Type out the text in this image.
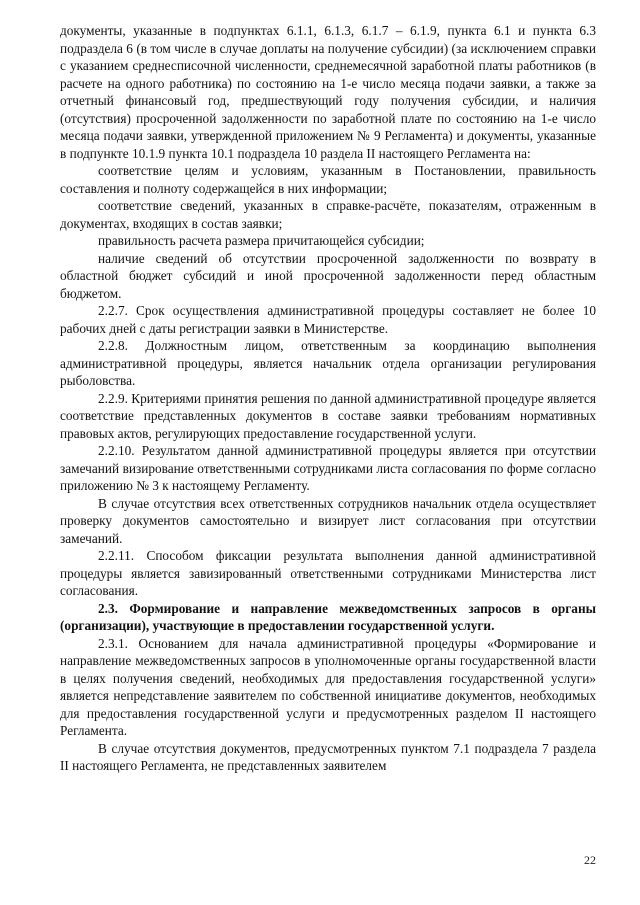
документы, указанные в подпунктах 6.1.1, 6.1.3, 6.1.7 – 6.1.9, пункта 6.1 и пункта 6.3 подраздела 6 (в том числе в случае доплаты на получение субсидии) (за исключением справки с указанием среднесписочной численности, среднемесячной заработной платы работников (в расчете на одного работника) по состоянию на 1-е число месяца подачи заявки, а также за отчетный финансовый год, предшествующий году получения субсидии, и наличия (отсутствия) просроченной задолженности по заработной плате по состоянию на 1-е число месяца подачи заявки, утвержденной приложением № 9 Регламента) и документы, указанные в подпункте 10.1.9 пункта 10.1 подраздела 10 раздела II настоящего Регламента на:

соответствие целям и условиям, указанным в Постановлении, правильность составления и полноту содержащейся в них информации;

соответствие сведений, указанных в справке-расчёте, показателям, отраженным в документах, входящих в состав заявки;

правильность расчета размера причитающейся субсидии;

наличие сведений об отсутствии просроченной задолженности по возврату в областной бюджет субсидий и иной просроченной задолженности перед областным бюджетом.

2.2.7. Срок осуществления административной процедуры составляет не более 10 рабочих дней с даты регистрации заявки в Министерстве.

2.2.8. Должностным лицом, ответственным за координацию выполнения административной процедуры, является начальник отдела организации регулирования рыболовства.

2.2.9. Критериями принятия решения по данной административной процедуре является соответствие представленных документов в составе заявки требованиям нормативных правовых актов, регулирующих предоставление государственной услуги.

2.2.10. Результатом данной административной процедуры является при отсутствии замечаний визирование ответственными сотрудниками листа согласования по форме согласно приложению № 3 к настоящему Регламенту.

В случае отсутствия всех ответственных сотрудников начальник отдела осуществляет проверку документов самостоятельно и визирует лист согласования при отсутствии замечаний.

2.2.11. Способом фиксации результата выполнения данной административной процедуры является завизированный ответственными сотрудниками Министерства лист согласования.

2.3. Формирование и направление межведомственных запросов в органы (организации), участвующие в предоставлении государственной услуги.

2.3.1. Основанием для начала административной процедуры «Формирование и направление межведомственных запросов в уполномоченные органы государственной власти в целях получения сведений, необходимых для предоставления государственной услуги» является непредставление заявителем по собственной инициативе документов, необходимых для предоставления государственной услуги и предусмотренных разделом II настоящего Регламента.

В случае отсутствия документов, предусмотренных пунктом 7.1 подраздела 7 раздела II настоящего Регламента, не представленных заявителем

22
